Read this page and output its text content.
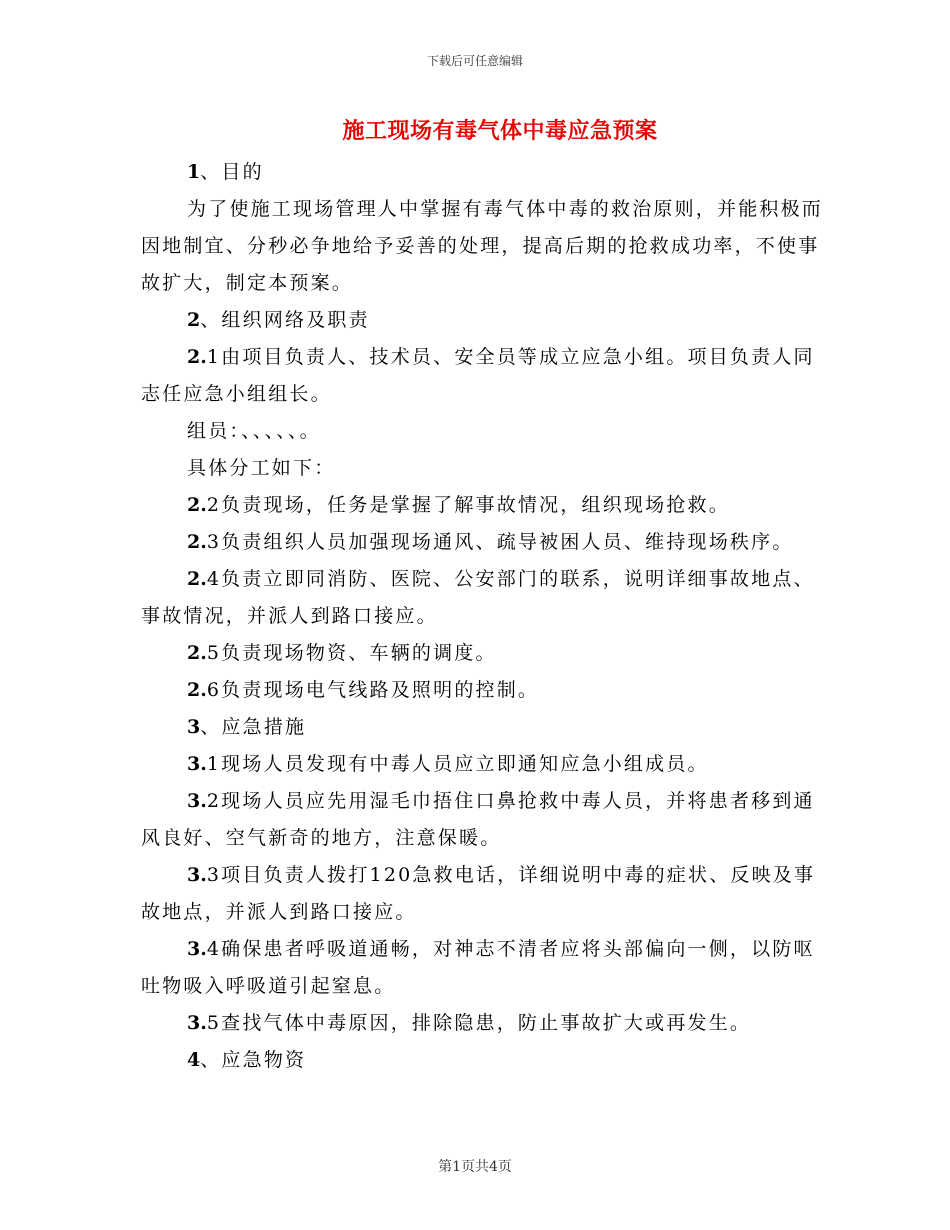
下载后可任意编辑
施工现场有毒气体中毒应急预案

1、目的

为了使施工现场管理人中掌握有毒气体中毒的救治原则，并能积极而因地制宜、分秒必争地给予妥善的处理，提高后期的抢救成功率，不使事故扩大，制定本预案。

2、组织网络及职责

2.1由项目负责人、技术员、安全员等成立应急小组。项目负责人同志任应急小组组长。

组员：、、、、、。

具体分工如下：

2.2负责现场，任务是掌握了解事故情况，组织现场抢救。

2.3负责组织人员加强现场通风、疏导被困人员、维持现场秩序。

2.4负责立即同消防、医院、公安部门的联系，说明详细事故地点、事故情况，并派人到路口接应。

2.5负责现场物资、车辆的调度。

2.6负责现场电气线路及照明的控制。

3、应急措施

3.1现场人员发现有中毒人员应立即通知应急小组成员。

3.2现场人员应先用湿毛巾捂住口鼻抢救中毒人员，并将患者移到通风良好、空气新奇的地方，注意保暖。

3.3项目负责人拨打120急救电话，详细说明中毒的症状、反映及事故地点，并派人到路口接应。

3.4确保患者呼吸道通畅，对神志不清者应将头部偏向一侧，以防呕吐物吸入呼吸道引起窒息。

3.5查找气体中毒原因，排除隐患，防止事故扩大或再发生。

4、应急物资

第1页共4页
